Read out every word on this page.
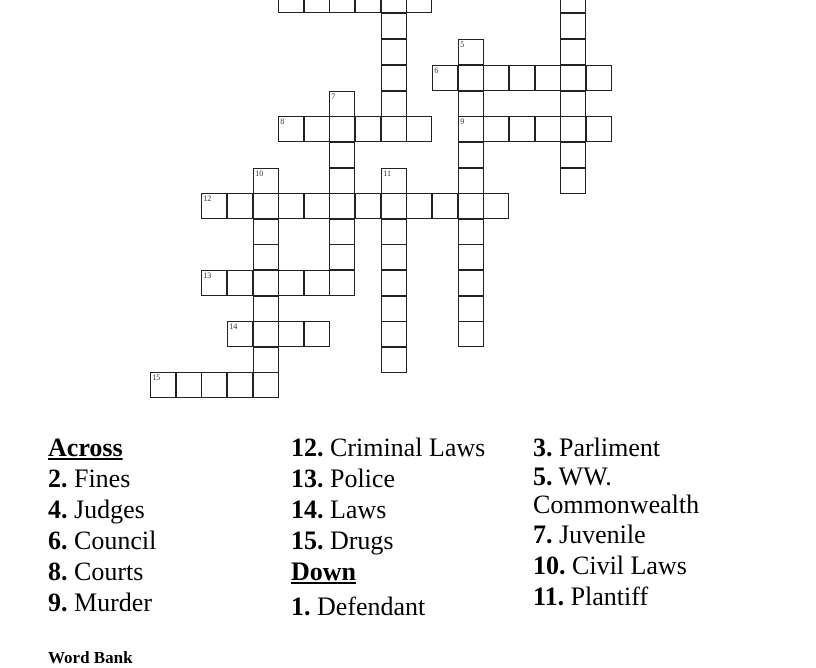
5
9
6
7
8
10	11
12
13
14
15
Across
2. Fines
4. Judges
6. Council
8. Courts
9. Murder
12. Criminal Laws
13. Police
14. Laws
15. Drugs
Down
1. Defendant
3. Parliment
5. WW. Commonwealth
7. Juvenile
10. Civil Laws
11. Plantiff
Word Bank
